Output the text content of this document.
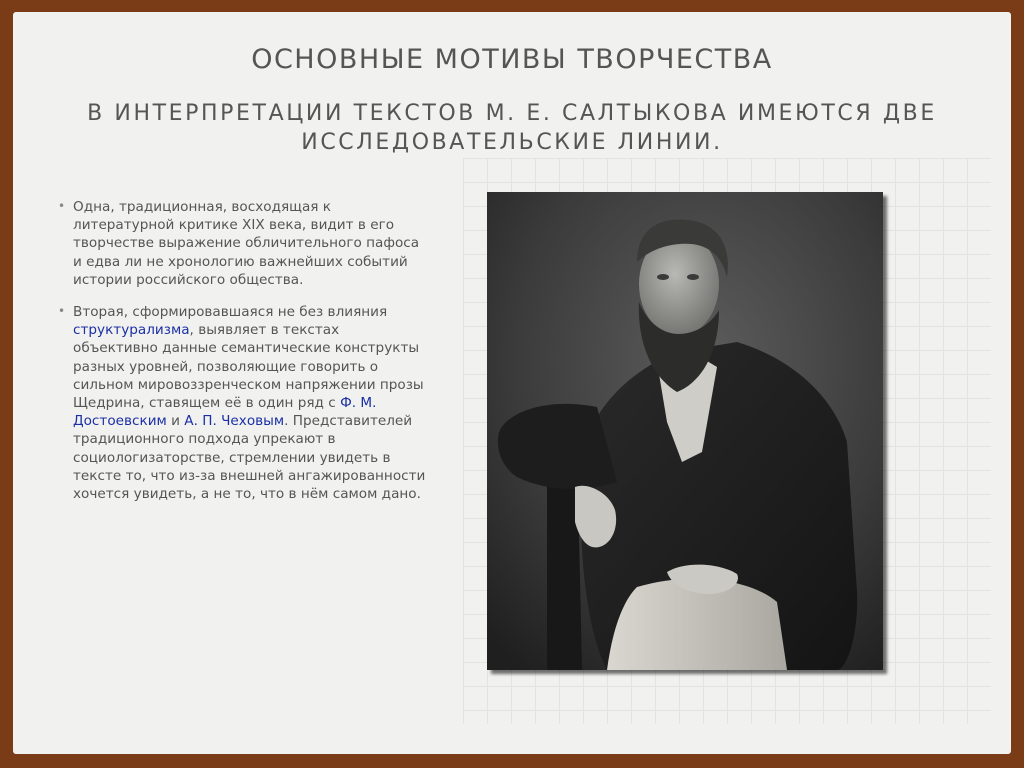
ОСНОВНЫЕ МОТИВЫ ТВОРЧЕСТВА
В ИНТЕРПРЕТАЦИИ ТЕКСТОВ М. Е. САЛТЫКОВА ИМЕЮТСЯ ДВЕ ИССЛЕДОВАТЕЛЬСКИЕ ЛИНИИ.
• Одна, традиционная, восходящая к литературной критике XIX века, видит в его творчестве выражение обличительного пафоса и едва ли не хронологию важнейших событий истории российского общества.
• Вторая, сформировавшаяся не без влияния структурализма, выявляет в текстах объективно данные семантические конструкты разных уровней, позволяющие говорить о сильном мировоззренческом напряжении прозы Щедрина, ставящем её в один ряд с Ф. М. Достоевским и А. П. Чеховым. Представителей традиционного подхода упрекают в социологизаторстве, стремлении увидеть в тексте то, что из-за внешней ангажированности хочется увидеть, а не то, что в нём самом дано.
